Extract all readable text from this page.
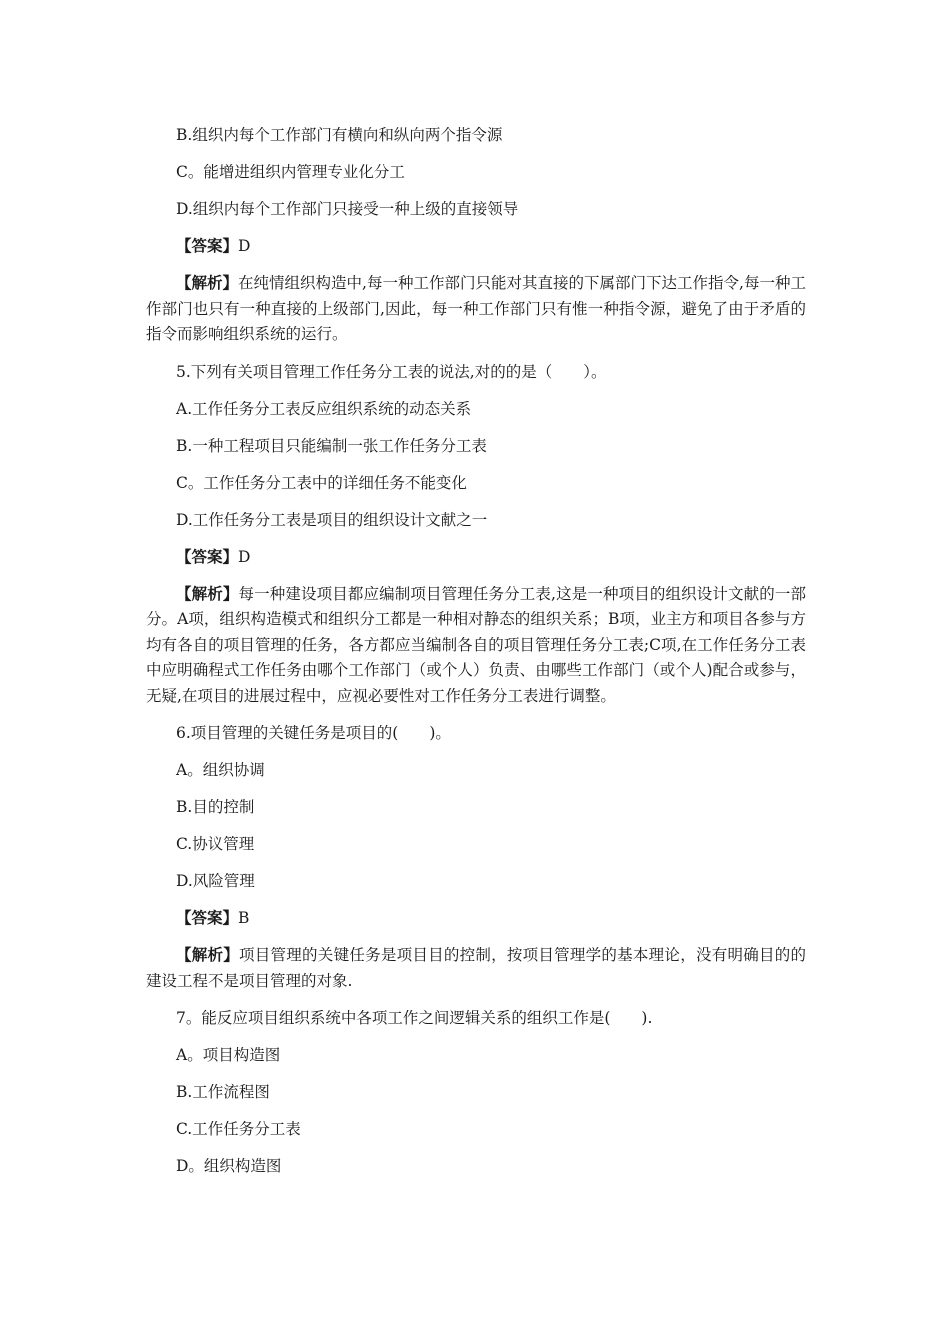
B.组织内每个工作部门有横向和纵向两个指令源
C。能增进组织内管理专业化分工
D.组织内每个工作部门只接受一种上级的直接领导
【答案】D
【解析】在纯情组织构造中,每一种工作部门只能对其直接的下属部门下达工作指令,每一种工作部门也只有一种直接的上级部门,因此，每一种工作部门只有惟一种指令源，避免了由于矛盾的指令而影响组织系统的运行。
5.下列有关项目管理工作任务分工表的说法,对的的是（　　）。
A.工作任务分工表反应组织系统的动态关系
B.一种工程项目只能编制一张工作任务分工表
C。工作任务分工表中的详细任务不能变化
D.工作任务分工表是项目的组织设计文献之一
【答案】D
【解析】每一种建设项目都应编制项目管理任务分工表,这是一种项目的组织设计文献的一部分。A项，组织构造模式和组织分工都是一种相对静态的组织关系；B项，业主方和项目各参与方均有各自的项目管理的任务，各方都应当编制各自的项目管理任务分工表;C项,在工作任务分工表中应明确程式工作任务由哪个工作部门（或个人）负责、由哪些工作部门（或个人)配合或参与，无疑,在项目的进展过程中，应视必要性对工作任务分工表进行调整。
6.项目管理的关键任务是项目的(　　)。
A。组织协调
B.目的控制
C.协议管理
D.风险管理
【答案】B
【解析】项目管理的关键任务是项目目的控制，按项目管理学的基本理论，没有明确目的的建设工程不是项目管理的对象.
7。能反应项目组织系统中各项工作之间逻辑关系的组织工作是(　　).
A。项目构造图
B.工作流程图
C.工作任务分工表
D。组织构造图
